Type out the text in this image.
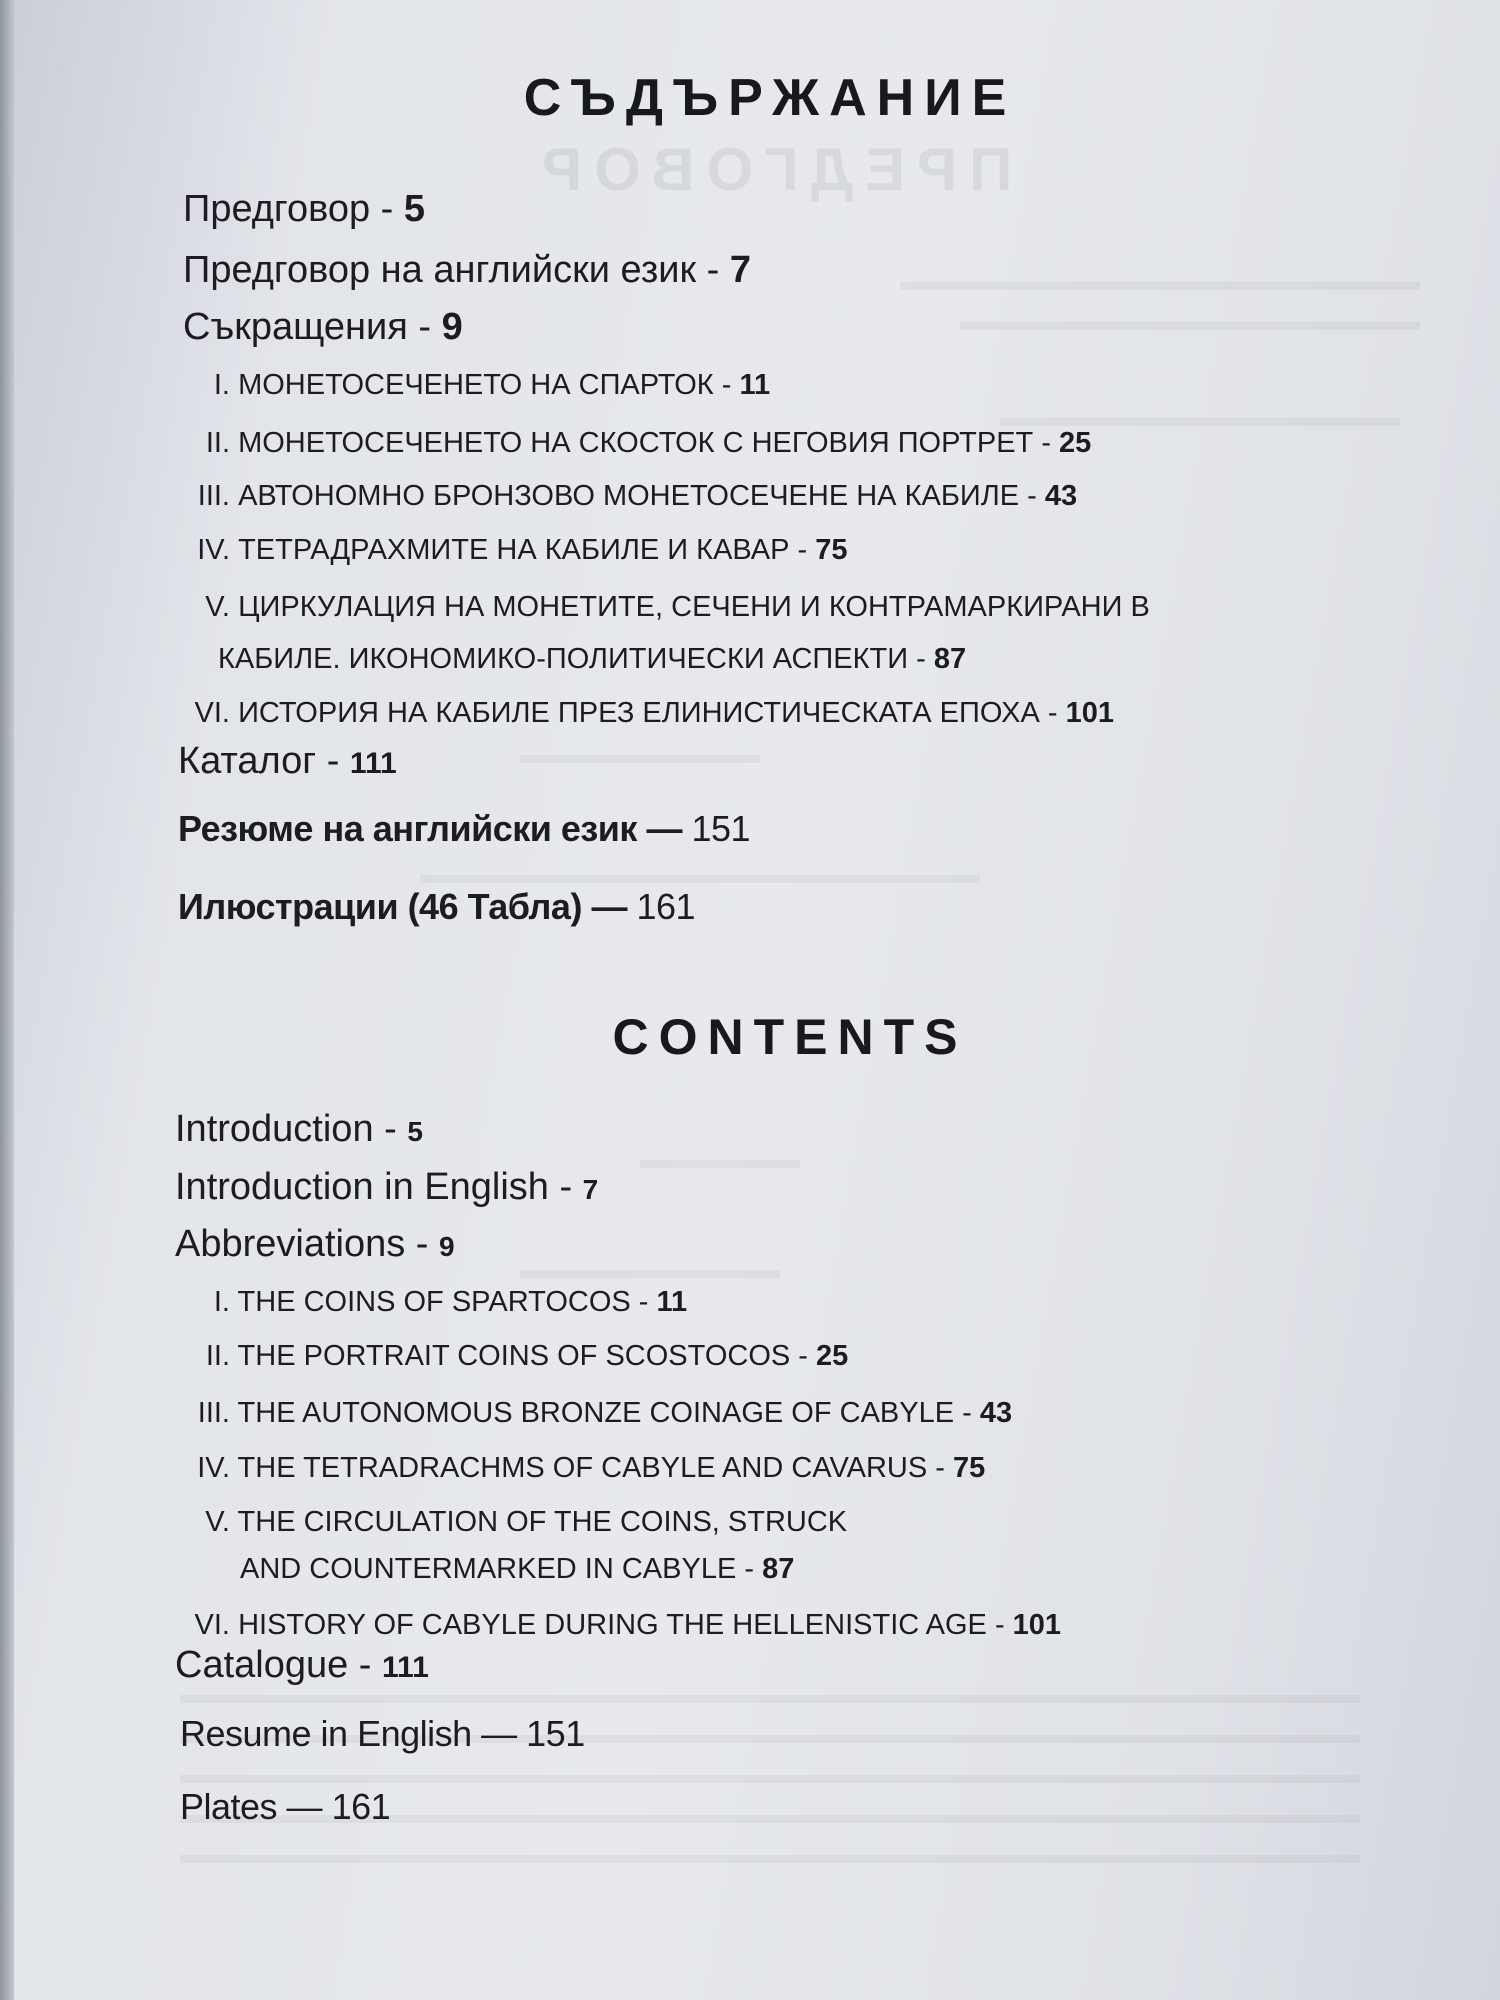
ПРЕДГОВОР
СЪДЪРЖАНИЕ
Предговор - 5
Предговор на английски език - 7
Съкращения - 9
I. МОНЕТОСЕЧЕНЕТО НА СПАРТОК - 11
II. МОНЕТОСЕЧЕНЕТО НА СКОСТОК С НЕГОВИЯ ПОРТРЕТ - 25
III. АВТОНОМНО БРОНЗОВО МОНЕТОСЕЧЕНЕ НА КАБИЛЕ - 43
IV. ТЕТРАДРАХМИТЕ НА КАБИЛЕ И КАВАР - 75
V. ЦИРКУЛАЦИЯ НА МОНЕТИТЕ, СЕЧЕНИ И КОНТРАМАРКИРАНИ В
КАБИЛЕ. ИКОНОМИКО-ПОЛИТИЧЕСКИ АСПЕКТИ - 87
VI. ИСТОРИЯ НА КАБИЛЕ ПРЕЗ ЕЛИНИСТИЧЕСКАТА ЕПОХА - 101
Каталог - 111
Резюме на английски език — 151
Илюстрации (46 Табла) — 161
CONTENTS
Introduction - 5
Introduction in English - 7
Abbreviations - 9
I. THE COINS OF SPARTOCOS - 11
II. THE PORTRAIT COINS OF SCOSTOCOS - 25
III. THE AUTONOMOUS BRONZE COINAGE OF CABYLE - 43
IV. THE TETRADRACHMS OF CABYLE AND CAVARUS - 75
V. THE CIRCULATION OF THE COINS, STRUCK
AND COUNTERMARKED IN CABYLE - 87
VI. HISTORY OF CABYLE DURING THE HELLENISTIC AGE - 101
Catalogue - 111
Resume in English — 151
Plates — 161
